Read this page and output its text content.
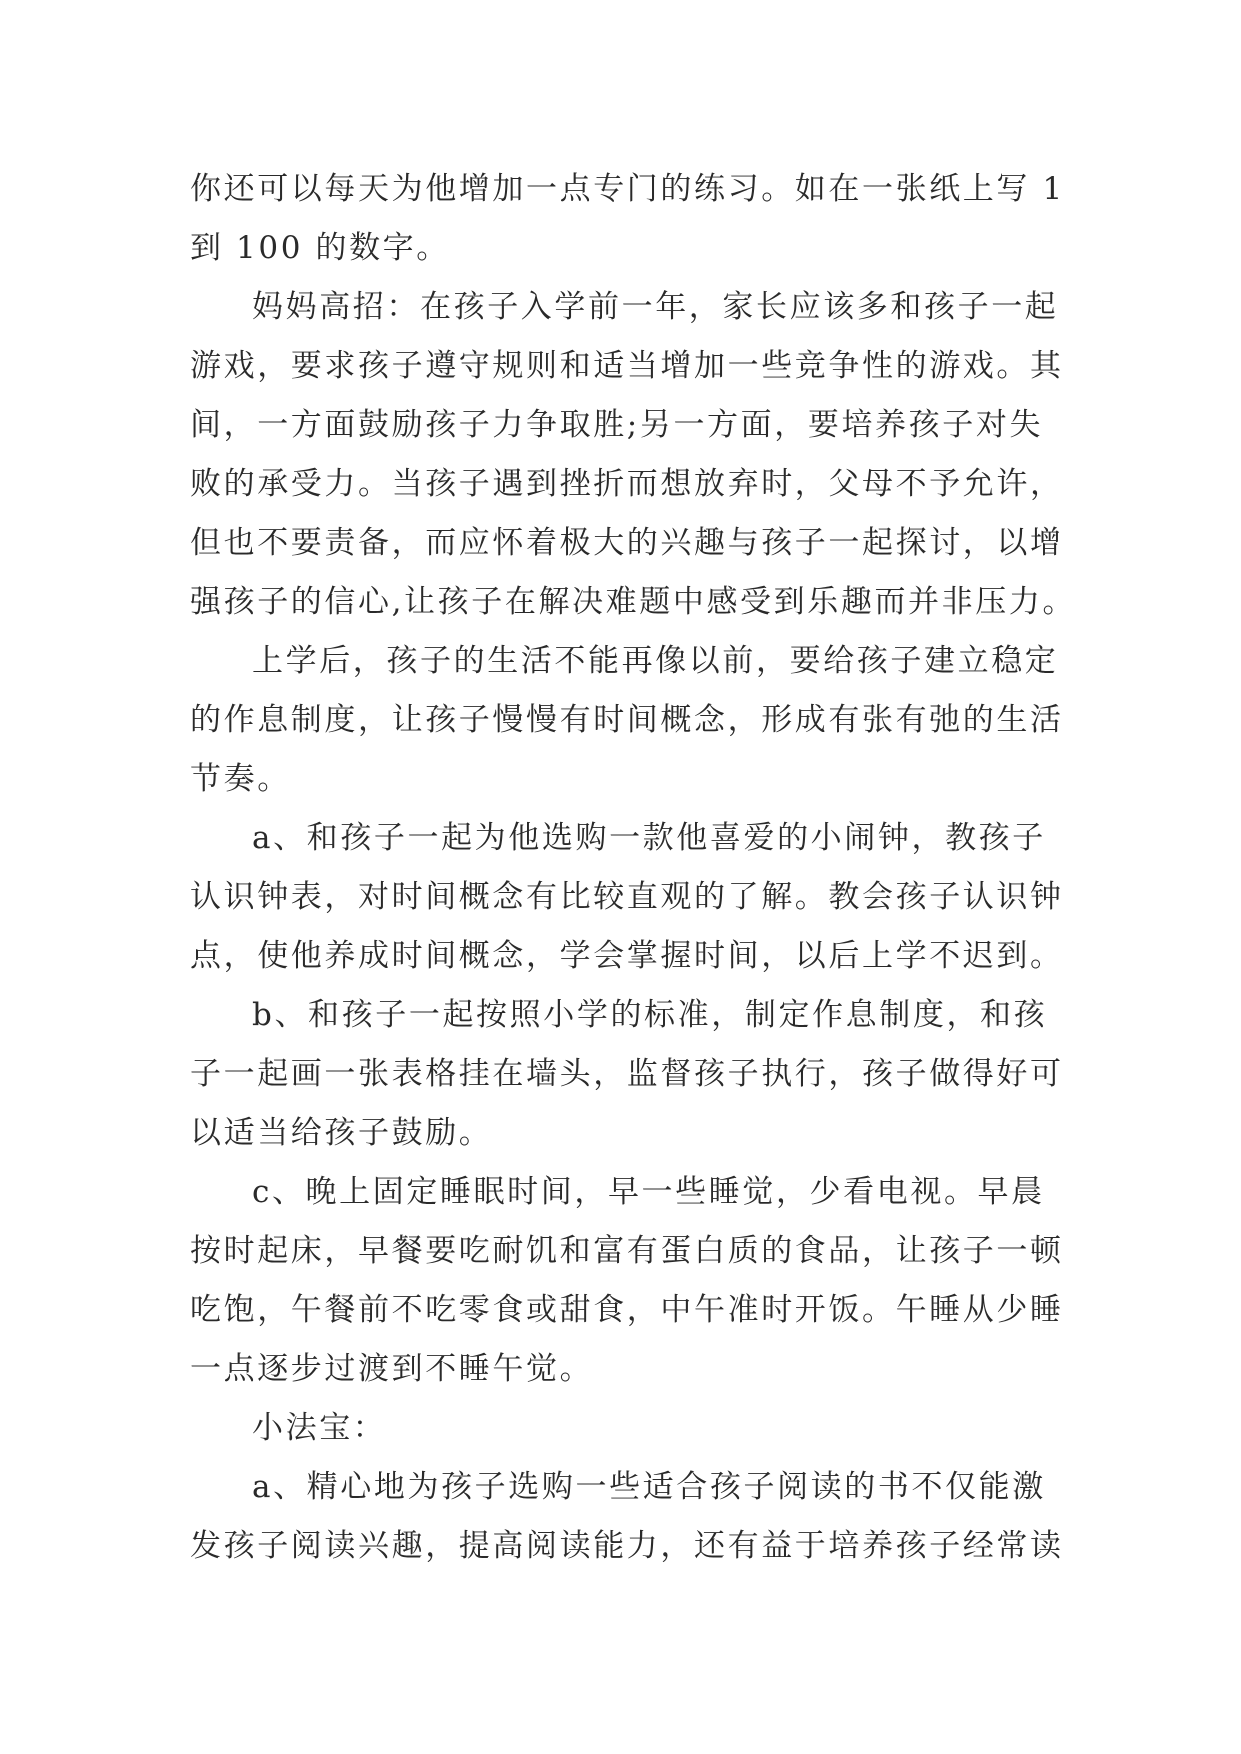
你还可以每天为他增加一点专门的练习。如在一张纸上写 1
到 100 的数字。
妈妈高招：在孩子入学前一年，家长应该多和孩子一起
游戏，要求孩子遵守规则和适当增加一些竞争性的游戏。其
间，一方面鼓励孩子力争取胜;另一方面，要培养孩子对失
败的承受力。当孩子遇到挫折而想放弃时，父母不予允许，
但也不要责备，而应怀着极大的兴趣与孩子一起探讨，以增
强孩子的信心,让孩子在解决难题中感受到乐趣而并非压力。
上学后，孩子的生活不能再像以前，要给孩子建立稳定
的作息制度，让孩子慢慢有时间概念，形成有张有弛的生活
节奏。
a、和孩子一起为他选购一款他喜爱的小闹钟，教孩子
认识钟表，对时间概念有比较直观的了解。教会孩子认识钟
点，使他养成时间概念，学会掌握时间，以后上学不迟到。
b、和孩子一起按照小学的标准，制定作息制度，和孩
子一起画一张表格挂在墙头，监督孩子执行，孩子做得好可
以适当给孩子鼓励。
c、晚上固定睡眠时间，早一些睡觉，少看电视。早晨
按时起床，早餐要吃耐饥和富有蛋白质的食品，让孩子一顿
吃饱，午餐前不吃零食或甜食，中午准时开饭。午睡从少睡
一点逐步过渡到不睡午觉。
小法宝：
a、精心地为孩子选购一些适合孩子阅读的书不仅能激
发孩子阅读兴趣，提高阅读能力，还有益于培养孩子经常读
